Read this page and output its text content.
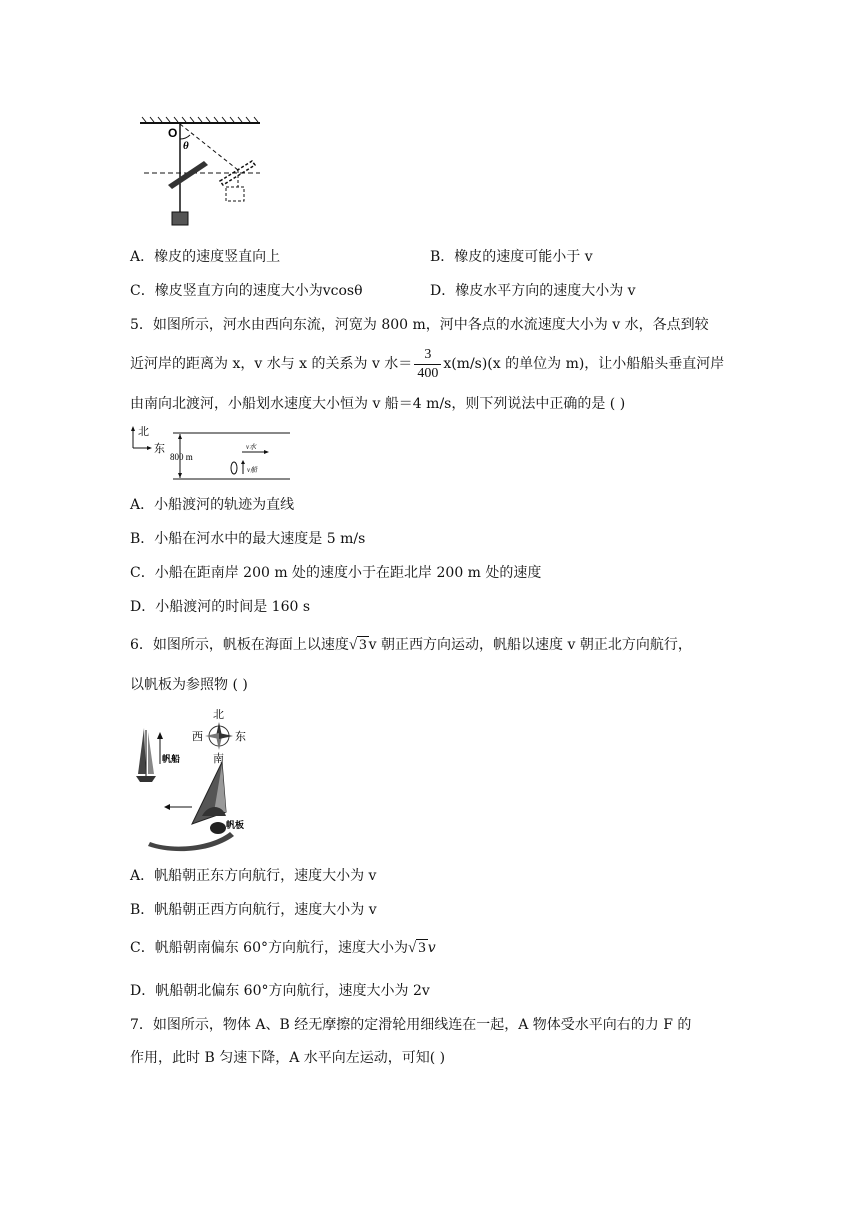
O
θ
A．橡皮的速度竖直向上	B．橡皮的速度可能小于 v
C．橡皮竖直方向的速度大小为vcosθ	D．橡皮水平方向的速度大小为 v
5．如图所示，河水由西向东流，河宽为 800 m，河中各点的水流速度大小为 v 水，各点到较
近河岸的距离为 x，v 水与 x 的关系为 v 水＝ $\frac{3}{400} x(m/s)(x$ 的单位为 m)，让小船船头垂直河岸
由南向北渡河，小船划水速度大小恒为 v 船＝4 m/s，则下列说法中正确的是 ( )
北
东
800 m
v水
v船
A．小船渡河的轨迹为直线
B．小船在河水中的最大速度是 5 m/s
C．小船在距南岸 200 m 处的速度小于在距北岸 200 m 处的速度
D．小船渡河的时间是 160 s
6．如图所示，帆板在海面上以速度√ 3 v 朝正西方向运动，帆船以速度 v 朝正北方向航行，
以帆板为参照物 ( )
北
西	东
南
帆船
帆板
A．帆船朝正东方向航行，速度大小为 v
B．帆船朝正西方向航行，速度大小为 v
C．帆船朝南偏东 60°方向航行，速度大小为√ 3 v
D．帆船朝北偏东 60°方向航行，速度大小为 2v
7．如图所示，物体 A、B 经无摩擦的定滑轮用细线连在一起，A 物体受水平向右的力 F 的
作用，此时 B 匀速下降，A 水平向左运动，可知( )
